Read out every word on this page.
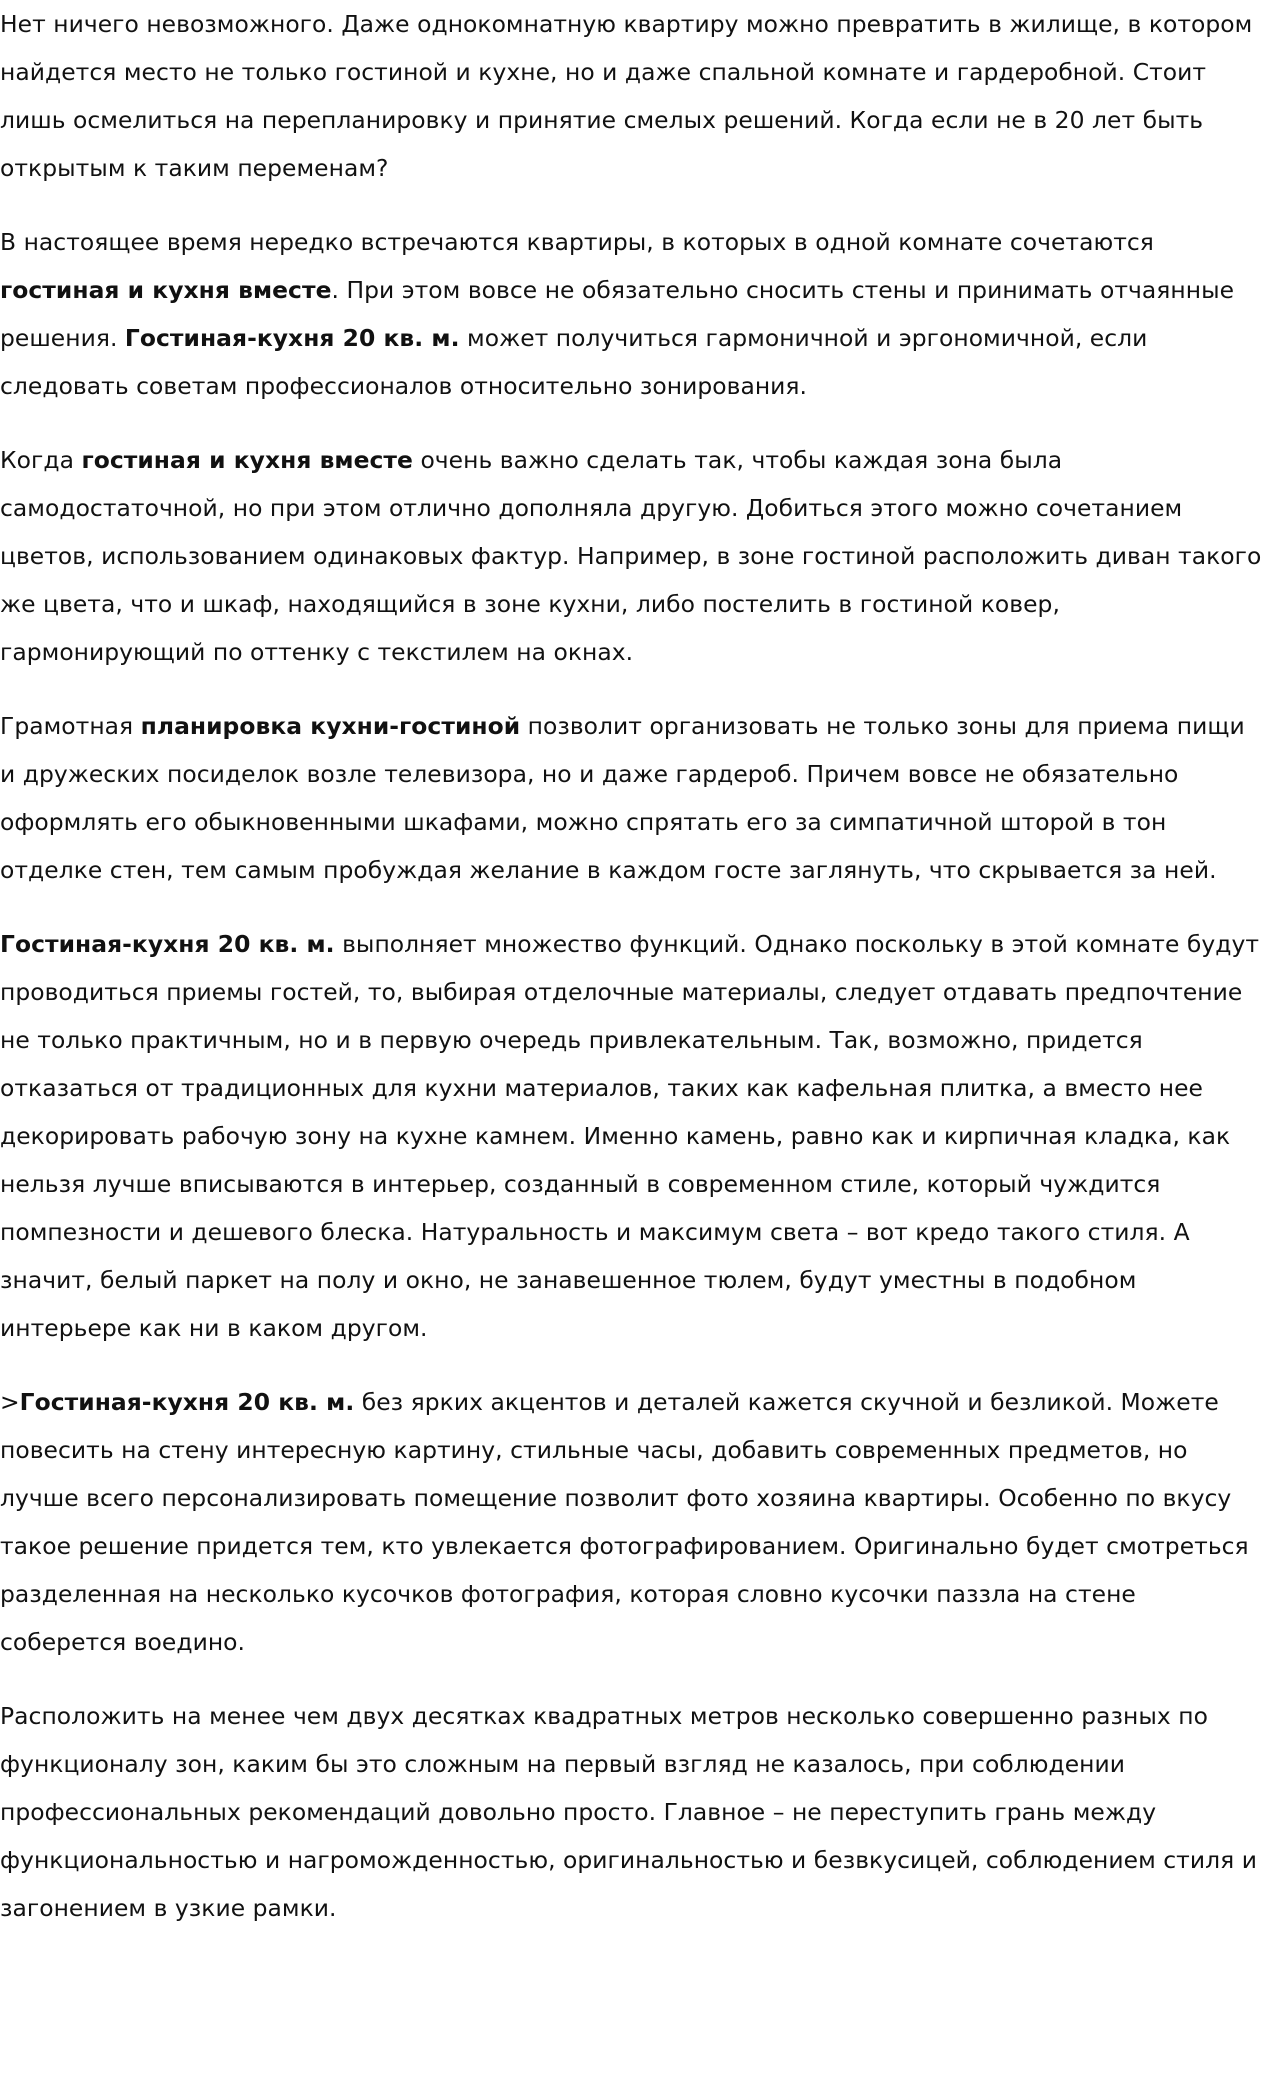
Нет ничего невозможного. Даже однокомнатную квартиру можно превратить в жилище, в котором найдется место не только гостиной и кухне, но и даже спальной комнате и гардеробной. Стоит лишь осмелиться на перепланировку и принятие смелых решений. Когда если не в 20 лет быть открытым к таким переменам?

В настоящее время нередко встречаются квартиры, в которых в одной комнате сочетаются гостиная и кухня вместе. При этом вовсе не обязательно сносить стены и принимать отчаянные решения. Гостиная-кухня 20 кв. м. может получиться гармоничной и эргономичной, если следовать советам профессионалов относительно зонирования.

Когда гостиная и кухня вместе очень важно сделать так, чтобы каждая зона была самодостаточной, но при этом отлично дополняла другую. Добиться этого можно сочетанием цветов, использованием одинаковых фактур. Например, в зоне гостиной расположить диван такого же цвета, что и шкаф, находящийся в зоне кухни, либо постелить в гостиной ковер, гармонирующий по оттенку с текстилем на окнах.

Грамотная планировка кухни-гостиной позволит организовать не только зоны для приема пищи и дружеских посиделок возле телевизора, но и даже гардероб. Причем вовсе не обязательно оформлять его обыкновенными шкафами, можно спрятать его за симпатичной шторой в тон отделке стен, тем самым пробуждая желание в каждом госте заглянуть, что скрывается за ней.

Гостиная-кухня 20 кв. м. выполняет множество функций. Однако поскольку в этой комнате будут проводиться приемы гостей, то, выбирая отделочные материалы, следует отдавать предпочтение не только практичным, но и в первую очередь привлекательным. Так, возможно, придется отказаться от традиционных для кухни материалов, таких как кафельная плитка, а вместо нее декорировать рабочую зону на кухне камнем. Именно камень, равно как и кирпичная кладка, как нельзя лучше вписываются в интерьер, созданный в современном стиле, который чуждится помпезности и дешевого блеска. Натуральность и максимум света – вот кредо такого стиля. А значит, белый паркет на полу и окно, не занавешенное тюлем, будут уместны в подобном интерьере как ни в каком другом.

>Гостиная-кухня 20 кв. м. без ярких акцентов и деталей кажется скучной и безликой. Можете повесить на стену интересную картину, стильные часы, добавить современных предметов, но лучше всего персонализировать помещение позволит фото хозяина квартиры. Особенно по вкусу такое решение придется тем, кто увлекается фотографированием. Оригинально будет смотреться разделенная на несколько кусочков фотография, которая словно кусочки паззла на стене соберется воедино.

Расположить на менее чем двух десятках квадратных метров несколько совершенно разных по функционалу зон, каким бы это сложным на первый взгляд не казалось, при соблюдении профессиональных рекомендаций довольно просто. Главное – не переступить грань между функциональностью и нагроможденностью, оригинальностью и безвкусицей, соблюдением стиля и загонением в узкие рамки.
